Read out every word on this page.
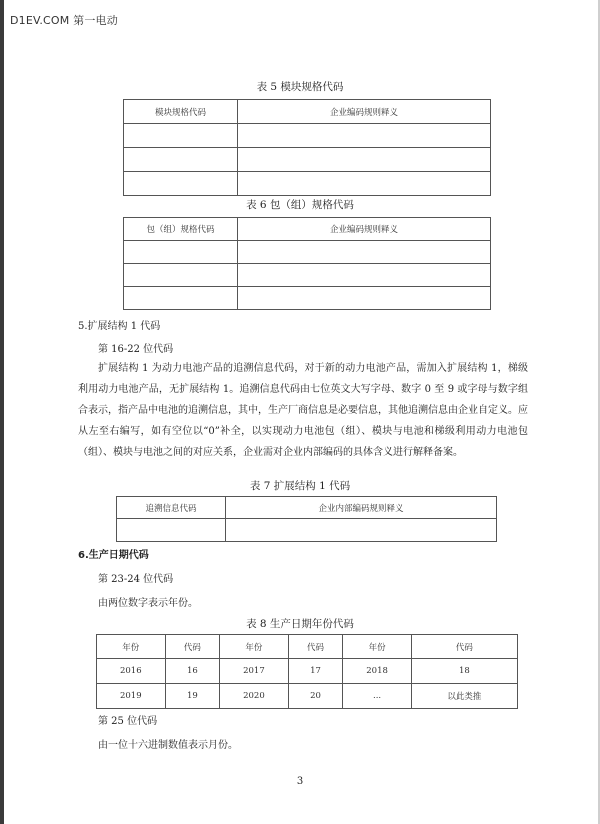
D1EV.COM 第一电动
表 5 模块规格代码
模块规格代码	企业编码规则释义

表 6 包（组）规格代码
包（组）规格代码	企业编码规则释义

5.扩展结构 1 代码
第 16-22 位代码
扩展结构 1 为动力电池产品的追溯信息代码，对于新的动力电池产品，需加入扩展结构 1，梯级利用动力电池产品，无扩展结构 1。追溯信息代码由七位英文大写字母、数字 0 至 9 或字母与数字组合表示，指产品中电池的追溯信息，其中，生产厂商信息是必要信息，其他追溯信息由企业自定义。应从左至右编写，如有空位以“0”补全，以实现动力电池包（组）、模块与电池和梯级利用动力电池包（组）、模块与电池之间的对应关系，企业需对企业内部编码的具体含义进行解释备案。
表 7 扩展结构 1 代码
追溯信息代码	企业内部编码规则释义

6.生产日期代码
第 23-24 位代码
由两位数字表示年份。
表 8 生产日期年份代码
年份	代码	年份	代码	年份	代码
2016	16	2017	17	2018	18
2019	19	2020	20	...	以此类推
第 25 位代码
由一位十六进制数值表示月份。
3
